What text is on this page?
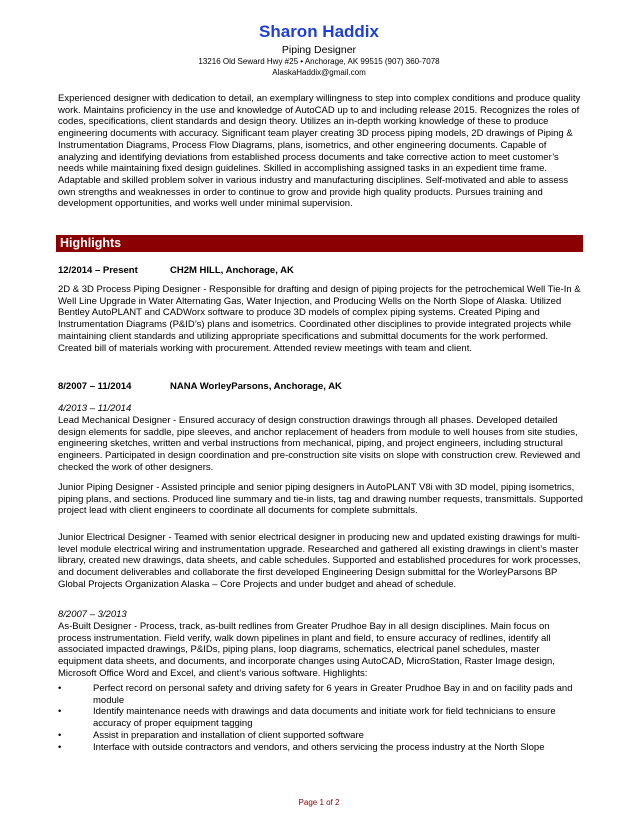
Sharon Haddix
Piping Designer
13216 Old Seward Hwy #25 • Anchorage, AK 99515 (907) 360-7078
AlaskaHaddix@gmail.com
Experienced designer with dedication to detail, an exemplary willingness to step into complex conditions and produce quality work. Maintains proficiency in the use and knowledge of AutoCAD up to and including release 2015. Recognizes the roles of codes, specifications, client standards and design theory. Utilizes an in-depth working knowledge of these to produce engineering documents with accuracy. Significant team player creating 3D process piping models, 2D drawings of Piping & Instrumentation Diagrams, Process Flow Diagrams, plans, isometrics, and other engineering documents. Capable of analyzing and identifying deviations from established process documents and take corrective action to meet customer’s needs while maintaining fixed design guidelines. Skilled in accomplishing assigned tasks in an expedient time frame. Adaptable and skilled problem solver in various industry and manufacturing disciplines. Self-motivated and able to assess own strengths and weaknesses in order to continue to grow and provide high quality products. Pursues training and development opportunities, and works well under minimal supervision.
Highlights
12/2014 – Present	CH2M HILL, Anchorage, AK
2D & 3D Process Piping Designer - Responsible for drafting and design of piping projects for the petrochemical Well Tie-In & Well Line Upgrade in Water Alternating Gas, Water Injection, and Producing Wells on the North Slope of Alaska. Utilized Bentley AutoPLANT and CADWorx software to produce 3D models of complex piping systems. Created Piping and Instrumentation Diagrams (P&ID’s) plans and isometrics. Coordinated other disciplines to provide integrated projects while maintaining client standards and utilizing appropriate specifications and submittal documents for the work performed. Created bill of materials working with procurement. Attended review meetings with team and client.
8/2007 – 11/2014	NANA WorleyParsons, Anchorage, AK
4/2013 – 11/2014
Lead Mechanical Designer - Ensured accuracy of design construction drawings through all phases. Developed detailed design elements for saddle, pipe sleeves, and anchor replacement of headers from module to well houses from site studies, engineering sketches, written and verbal instructions from mechanical, piping, and project engineers, including structural engineers. Participated in design coordination and pre-construction site visits on slope with construction crew. Reviewed and checked the work of other designers.
Junior Piping Designer - Assisted principle and senior piping designers in AutoPLANT V8i with 3D model, piping isometrics, piping plans, and sections. Produced line summary and tie-in lists, tag and drawing number requests, transmittals. Supported project lead with client engineers to coordinate all documents for complete submittals.
Junior Electrical Designer - Teamed with senior electrical designer in producing new and updated existing drawings for multi-level module electrical wiring and instrumentation upgrade. Researched and gathered all existing drawings in client’s master library, created new drawings, data sheets, and cable schedules. Supported and established procedures for work processes, and document deliverables and collaborate the first developed Engineering Design submittal for the WorleyParsons BP Global Projects Organization Alaska – Core Projects and under budget and ahead of schedule.
8/2007 – 3/2013
As-Built Designer - Process, track, as-built redlines from Greater Prudhoe Bay in all design disciplines. Main focus on process instrumentation. Field verify, walk down pipelines in plant and field, to ensure accuracy of redlines, identify all associated impacted drawings, P&IDs, piping plans, loop diagrams, schematics, electrical panel schedules, master equipment data sheets, and documents, and incorporate changes using AutoCAD, MicroStation, Raster Image design, Microsoft Office Word and Excel, and client’s various software. Highlights:
•	Perfect record on personal safety and driving safety for 6 years in Greater Prudhoe Bay in and on facility pads and module
•	Identify maintenance needs with drawings and data documents and initiate work for field technicians to ensure accuracy of proper equipment tagging
•	Assist in preparation and installation of client supported software
•	Interface with outside contractors and vendors, and others servicing the process industry at the North Slope
Page 1 of 2
